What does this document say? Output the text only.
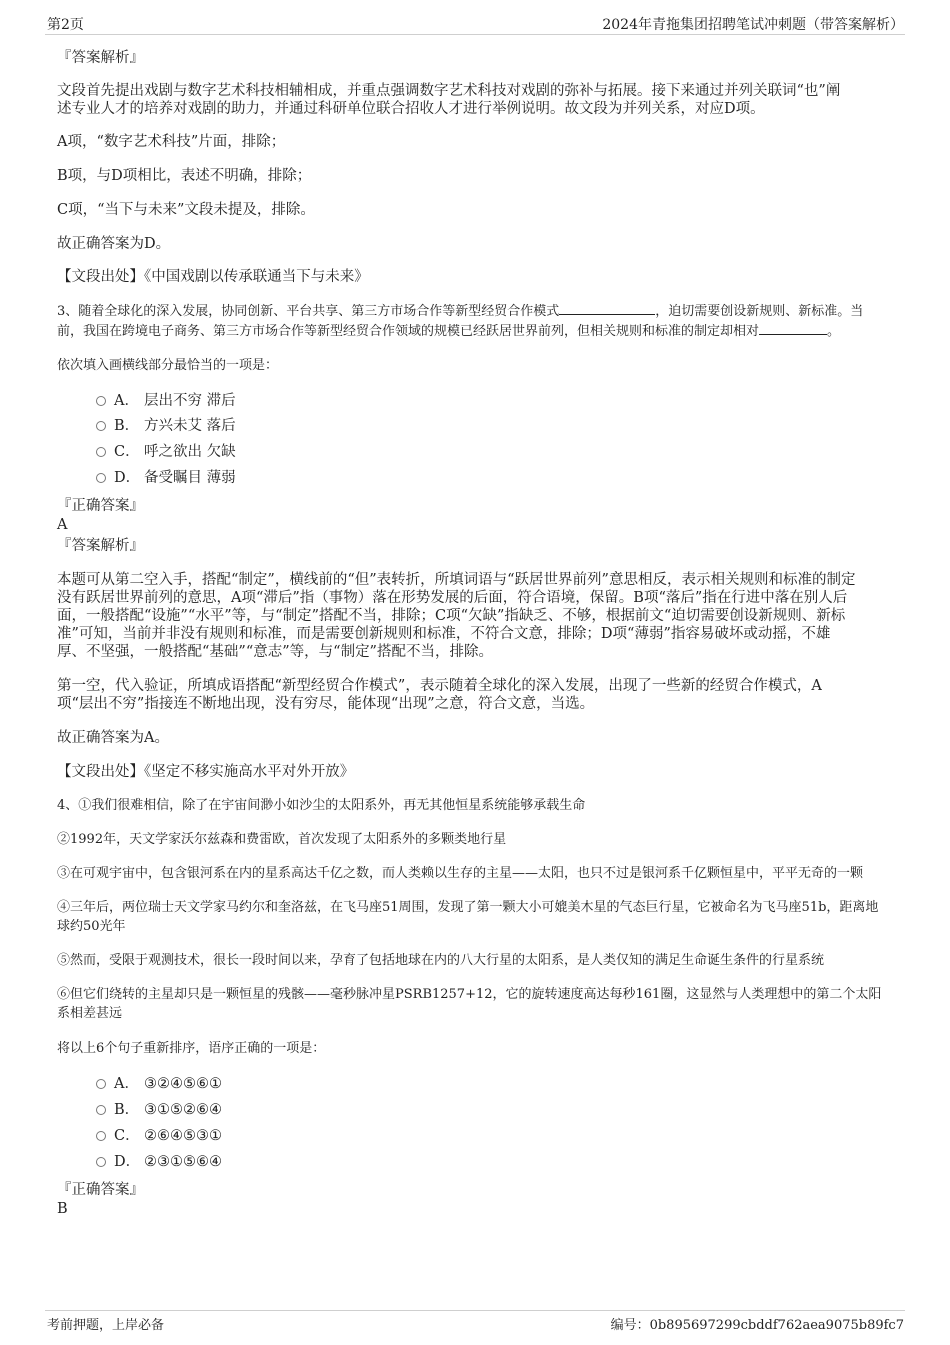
第2页	2024年青拖集团招聘笔试冲刺题（带答案解析）
『答案解析』
文段首先提出戏剧与数字艺术科技相辅相成，并重点强调数字艺术科技对戏剧的弥补与拓展。接下来通过并列关联词“也”阐
述专业人才的培养对戏剧的助力，并通过科研单位联合招收人才进行举例说明。故文段为并列关系，对应D项。
A项，“数字艺术科技”片面，排除；
B项，与D项相比，表述不明确，排除；
C项，“当下与未来”文段未提及，排除。
故正确答案为D。
【文段出处】《中国戏剧以传承联通当下与未来》
3、随着全球化的深入发展，协同创新、平台共享、第三方市场合作等新型经贸合作模式	，迫切需要创设新规则、新标准。当
前，我国在跨境电子商务、第三方市场合作等新型经贸合作领域的规模已经跃居世界前列，但相关规则和标准的制定却相对	。
依次填入画横线部分最恰当的一项是：
A． 层出不穷 滞后
B． 方兴未艾 落后
C． 呼之欲出 欠缺
D． 备受瞩目 薄弱
『正确答案』
A
『答案解析』
本题可从第二空入手，搭配“制定”，横线前的“但”表转折，所填词语与“跃居世界前列”意思相反，表示相关规则和标准的制定
没有跃居世界前列的意思，A项“滞后”指（事物）落在形势发展的后面，符合语境，保留。B项“落后”指在行进中落在别人后
面，一般搭配“设施”“水平”等，与“制定”搭配不当，排除；C项“欠缺”指缺乏、不够，根据前文“迫切需要创设新规则、新标
准”可知，当前并非没有规则和标准，而是需要创新规则和标准，不符合文意，排除；D项“薄弱”指容易破坏或动摇，不雄
厚、不坚强，一般搭配“基础”“意志”等，与“制定”搭配不当，排除。
第一空，代入验证，所填成语搭配“新型经贸合作模式”，表示随着全球化的深入发展，出现了一些新的经贸合作模式，A
项“层出不穷”指接连不断地出现，没有穷尽，能体现“出现”之意，符合文意，当选。
故正确答案为A。
【文段出处】《坚定不移实施高水平对外开放》
4、①我们很难相信，除了在宇宙间渺小如沙尘的太阳系外，再无其他恒星系统能够承载生命
②1992年，天文学家沃尔兹森和费雷欧，首次发现了太阳系外的多颗类地行星
③在可观宇宙中，包含银河系在内的星系高达千亿之数，而人类赖以生存的主星——太阳，也只不过是银河系千亿颗恒星中，平平无奇的一颗
④三年后，两位瑞士天文学家马约尔和奎洛兹，在飞马座51周围，发现了第一颗大小可媲美木星的气态巨行星，它被命名为飞马座51b，距离地
球约50光年
⑤然而，受限于观测技术，很长一段时间以来，孕育了包括地球在内的八大行星的太阳系，是人类仅知的满足生命诞生条件的行星系统
⑥但它们绕转的主星却只是一颗恒星的残骸——毫秒脉冲星PSRB1257+12，它的旋转速度高达每秒161圈，这显然与人类理想中的第二个太阳
系相差甚远
将以上6个句子重新排序，语序正确的一项是：
A． ③②④⑤⑥①
B． ③①⑤②⑥④
C． ②⑥④⑤③①
D． ②③①⑤⑥④
『正确答案』
B
考前押题，上岸必备	编号：0b895697299cbddf762aea9075b89fc7
